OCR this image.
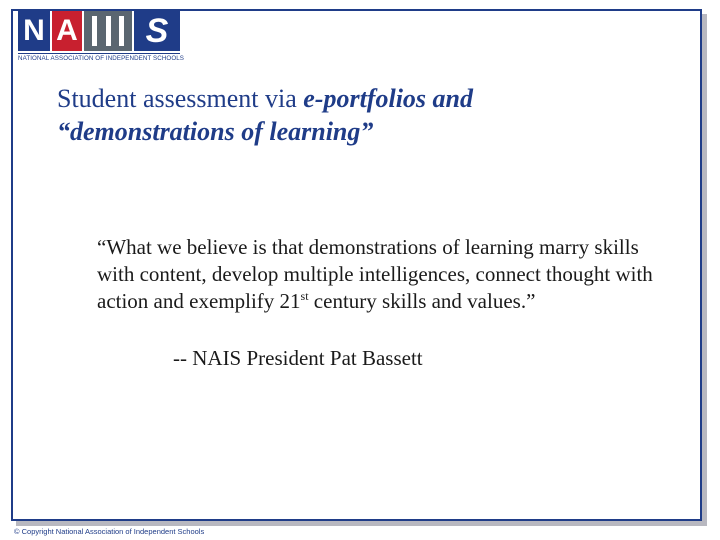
N A	S
NATIONAL ASSOCIATION OF INDEPENDENT SCHOOLS
Student assessment via e-portfolios and
“demonstrations of learning”

“What we believe is that demonstrations of learning marry skills with content, develop multiple intelligences, connect thought with action and exemplify 21st century skills and values.”

-- NAIS President Pat Bassett
© Copyright National Association of Independent Schools
